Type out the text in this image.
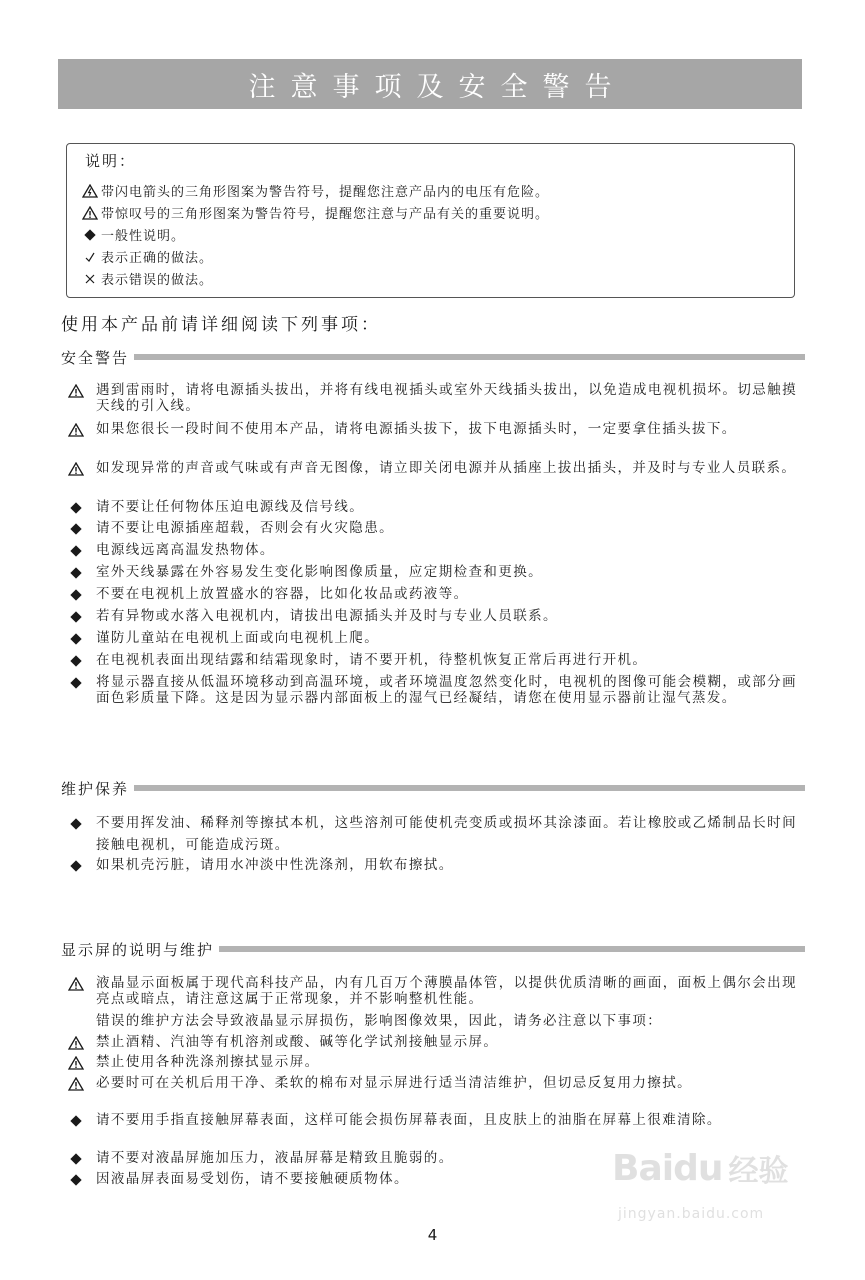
注意事项及安全警告
说明：
带闪电箭头的三角形图案为警告符号，提醒您注意产品内的电压有危险。
带惊叹号的三角形图案为警告符号，提醒您注意与产品有关的重要说明。
一般性说明。
表示正确的做法。
表示错误的做法。
使用本产品前请详细阅读下列事项：
安全警告
遇到雷雨时，请将电源插头拔出，并将有线电视插头或室外天线插头拔出，以免造成电视机损坏。切忌触摸天线的引入线。
如果您很长一段时间不使用本产品，请将电源插头拔下，拔下电源插头时，一定要拿住插头拔下。
如发现异常的声音或气味或有声音无图像，请立即关闭电源并从插座上拔出插头，并及时与专业人员联系。
请不要让任何物体压迫电源线及信号线。
请不要让电源插座超载，否则会有火灾隐患。
电源线远离高温发热物体。
室外天线暴露在外容易发生变化影响图像质量，应定期检查和更换。
不要在电视机上放置盛水的容器，比如化妆品或药液等。
若有异物或水落入电视机内，请拔出电源插头并及时与专业人员联系。
谨防儿童站在电视机上面或向电视机上爬。
在电视机表面出现结露和结霜现象时，请不要开机，待整机恢复正常后再进行开机。
将显示器直接从低温环境移动到高温环境，或者环境温度忽然变化时，电视机的图像可能会模糊，或部分画面色彩质量下降。这是因为显示器内部面板上的湿气已经凝结，请您在使用显示器前让湿气蒸发。
维护保养
不要用挥发油、稀释剂等擦拭本机，这些溶剂可能使机壳变质或损坏其涂漆面。若让橡胶或乙烯制品长时间接触电视机，可能造成污斑。
如果机壳污脏，请用水冲淡中性洗涤剂，用软布擦拭。
显示屏的说明与维护
液晶显示面板属于现代高科技产品，内有几百万个薄膜晶体管，以提供优质清晰的画面，面板上偶尔会出现亮点或暗点，请注意这属于正常现象，并不影响整机性能。
错误的维护方法会导致液晶显示屏损伤，影响图像效果，因此，请务必注意以下事项：
禁止酒精、汽油等有机溶剂或酸、碱等化学试剂接触显示屏。
禁止使用各种洗涤剂擦拭显示屏。
必要时可在关机后用干净、柔软的棉布对显示屏进行适当清洁维护，但切忌反复用力擦拭。
请不要用手指直接触屏幕表面，这样可能会损伤屏幕表面，且皮肤上的油脂在屏幕上很难清除。
请不要对液晶屏施加压力，液晶屏幕是精致且脆弱的。
因液晶屏表面易受划伤，请不要接触硬质物体。	Baidu 经验
jingyan.baidu.com
4
